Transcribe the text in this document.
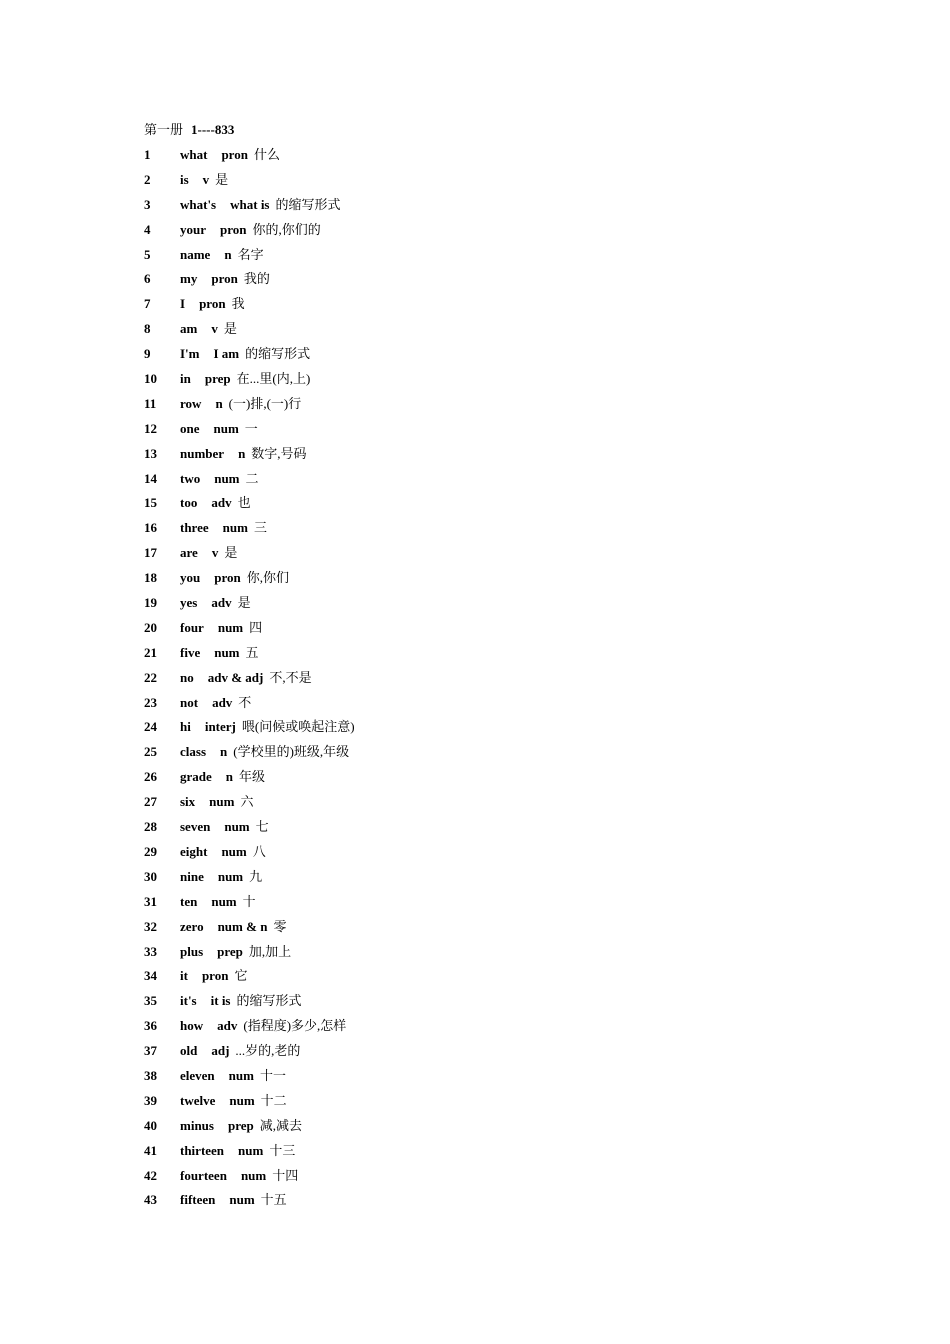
第一册 1----833
1	what pron 什么
2	is v 是
3	what's what is 的缩写形式
4	your pron 你的,你们的
5	name n 名字
6	my pron 我的
7	I pron 我
8	am v 是
9	I'm I am 的缩写形式
10	in prep 在...里(内,上)
11	row n (一)排,(一)行
12	one num 一
13	number n 数字,号码
14	two num 二
15	too adv 也
16	three num 三
17	are v 是
18	you pron 你,你们
19	yes adv 是
20	four num 四
21	five num 五
22	no adv & adj 不,不是
23	not adv 不
24	hi interj 喂(问候或唤起注意)
25	class n (学校里的)班级,年级
26	grade n 年级
27	six num 六
28	seven num 七
29	eight num 八
30	nine num 九
31	ten num 十
32	zero num & n 零
33	plus prep 加,加上
34	it pron 它
35	it's it is 的缩写形式
36	how adv (指程度)多少,怎样
37	old adj ...岁的,老的
38	eleven num 十一
39	twelve num 十二
40	minus prep 减,减去
41	thirteen num 十三
42	fourteen num 十四
43	fifteen num 十五
